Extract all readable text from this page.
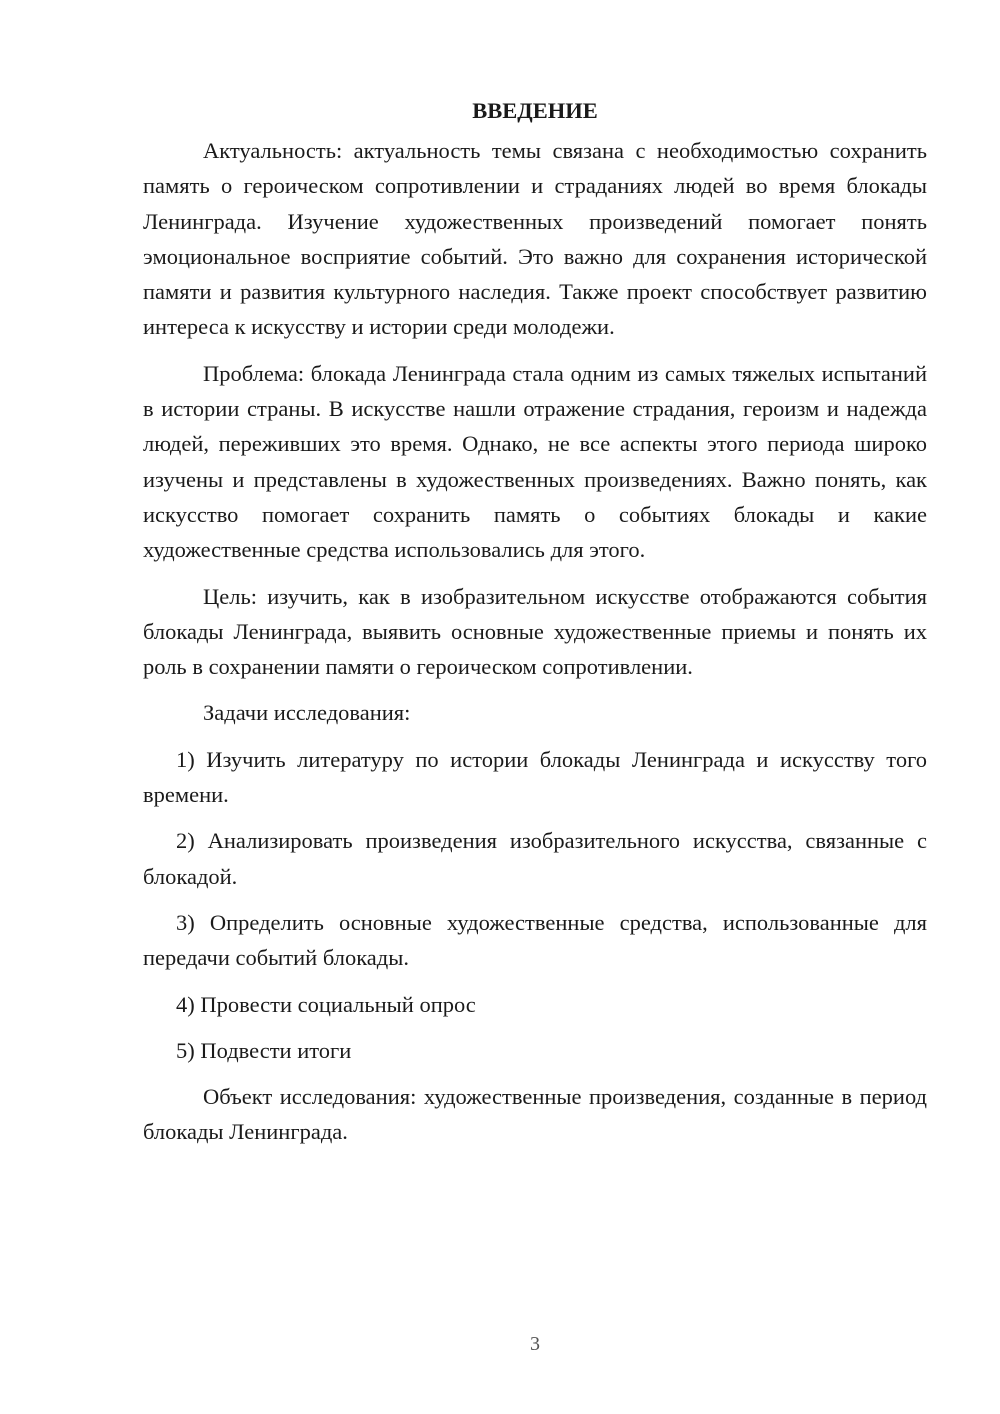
ВВЕДЕНИЕ

Актуальность: актуальность темы связана с необходимостью сохранить память о героическом сопротивлении и страданиях людей во время блокады Ленинграда. Изучение художественных произведений помогает понять эмоциональное восприятие событий. Это важно для сохранения исторической памяти и развития культурного наследия. Также проект способствует развитию интереса к искусству и истории среди молодежи.

Проблема: блокада Ленинграда стала одним из самых тяжелых испытаний в истории страны. В искусстве нашли отражение страдания, героизм и надежда людей, переживших это время. Однако, не все аспекты этого периода широко изучены и представлены в художественных произведениях. Важно понять, как искусство помогает сохранить память о событиях блокады и какие художественные средства использовались для этого.

Цель: изучить, как в изобразительном искусстве отображаются события блокады Ленинграда, выявить основные художественные приемы и понять их роль в сохранении памяти о героическом сопротивлении.

Задачи исследования:

1) Изучить литературу по истории блокады Ленинграда и искусству того времени.

2) Анализировать произведения изобразительного искусства, связанные с блокадой.

3) Определить основные художественные средства, использованные для передачи событий блокады.

4) Провести социальный опрос

5) Подвести итоги

Объект исследования: художественные произведения, созданные в период блокады Ленинграда.

3
